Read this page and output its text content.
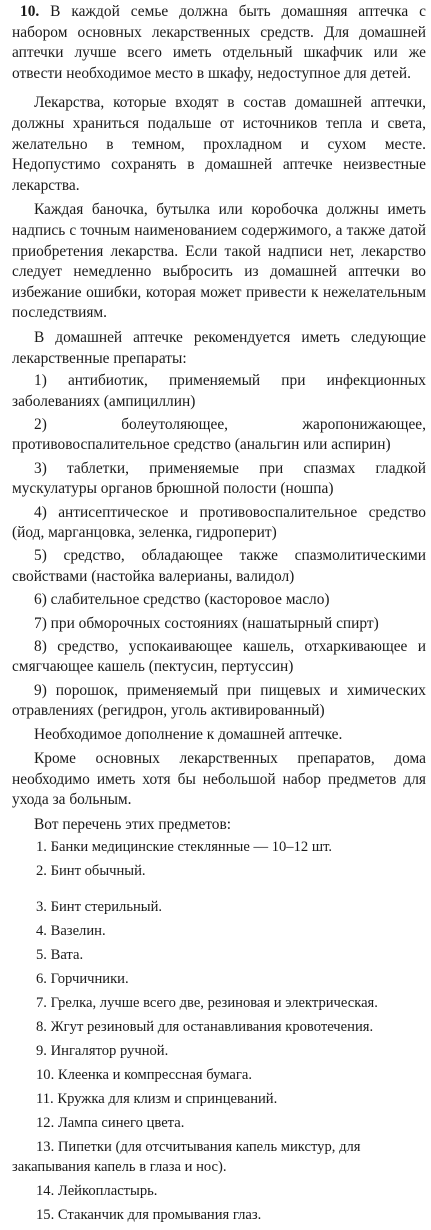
10. В каждой семье должна быть домашняя аптечка с набором основных лекарственных средств. Для домашней аптечки лучше всего иметь отдельный шкафчик или же отвести необходимое место в шкафу, недоступное для детей.

Лекарства, которые входят в состав домашней аптечки, должны храниться подальше от источников тепла и света, желательно в темном, прохладном и сухом месте. Недопустимо сохранять в домашней аптечке неизвестные лекарства.

Каждая баночка, бутылка или коробочка должны иметь надпись с точным наименованием содержимого, а также датой приобретения лекарства. Если такой надписи нет, лекарство следует немедленно выбросить из домашней аптечки во избежание ошибки, которая может привести к нежелательным последствиям.

В домашней аптечке рекомендуется иметь следующие лекарственные препараты:

1) антибиотик, применяемый при инфекционных заболеваниях (ампициллин)
2) болеутоляющее, жаропонижающее, противовоспалительное средство (анальгин или аспирин)
3) таблетки, применяемые при спазмах гладкой мускулатуры органов брюшной полости (ношпа)
4) антисептическое и противовоспалительное средство (йод, марганцовка, зеленка, гидроперит)
5) средство, обладающее также спазмолитическими свойствами (настойка валерианы, валидол)
6) слабительное средство (касторовое масло)
7) при обморочных состояниях (нашатырный спирт)
8) средство, успокаивающее кашель, отхаркивающее и смягчающее кашель (пектусин, пертуссин)
9) порошок, применяемый при пищевых и химических отравлениях (регидрон, уголь активированный)

Необходимое дополнение к домашней аптечке.

Кроме основных лекарственных препаратов, дома необходимо иметь хотя бы небольшой набор предметов для ухода за больным.

Вот перечень этих предметов:

1. Банки медицинские стеклянные — 10–12 шт.
2. Бинт обычный.
3. Бинт стерильный.
4. Вазелин.
5. Вата.
6. Горчичники.
7. Грелка, лучше всего две, резиновая и электрическая.
8. Жгут резиновый для останавливания кровотечения.
9. Ингалятор ручной.
10. Клеенка и компрессная бумага.
11. Кружка для клизм и спринцеваний.
12. Лампа синего цвета.
13. Пипетки (для отсчитывания капель микстур, для закапывания капель в глаза и нос).
14. Лейкопластырь.
15. Стаканчик для промывания глаз.
